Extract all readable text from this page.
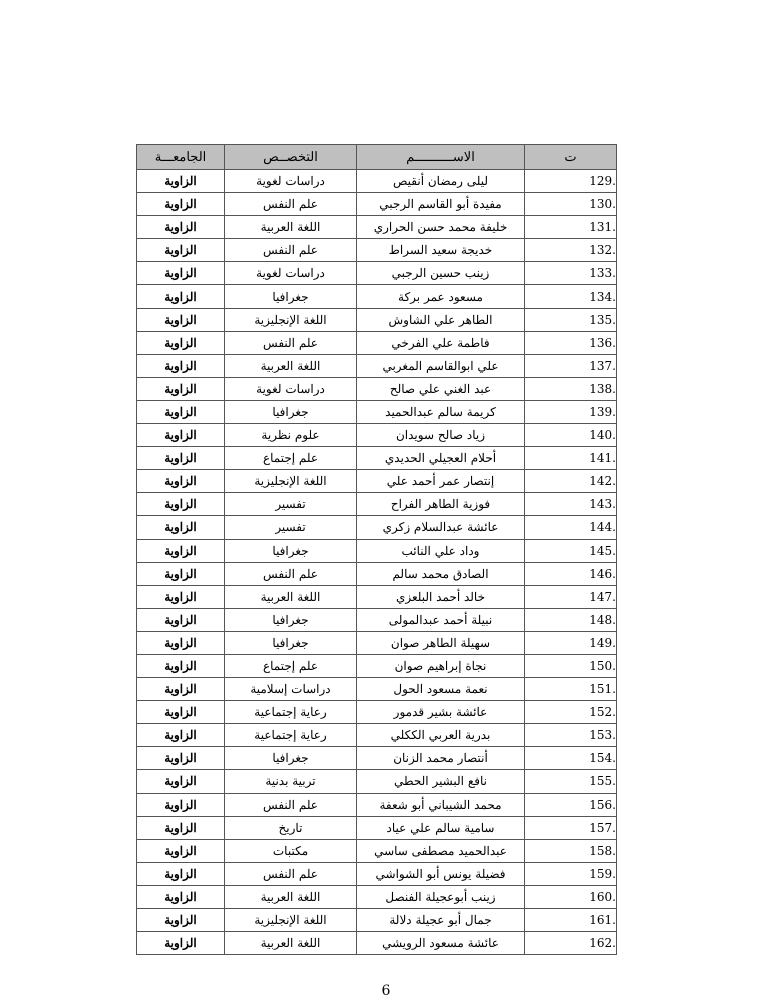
ت	الاســــــــــم	التخصــص	الجامعـــة
129.	ليلى رمضان أنقيص	دراسات لغوية	الزاوية
130.	مفيدة أبو القاسم الرجبي	علم النفس	الزاوية
131.	خليفة محمد حسن الحراري	اللغة العربية	الزاوية
132.	خديجة سعيد السراط	علم النفس	الزاوية
133.	زينب حسين الرجبي	دراسات لغوية	الزاوية
134.	مسعود عمر بركة	جغرافيا	الزاوية
135.	الطاهر علي الشاوش	اللغة الإنجليزية	الزاوية
136.	فاطمة علي الفرخي	علم النفس	الزاوية
137.	علي ابوالقاسم المغربي	اللغة العربية	الزاوية
138.	عبد الغني علي صالح	دراسات لغوية	الزاوية
139.	كريمة سالم عبدالحميد	جغرافيا	الزاوية
140.	زياد صالح سويدان	علوم نظرية	الزاوية
141.	أحلام العجيلي الحديدي	علم إجتماع	الزاوية
142.	إنتصار عمر أحمد علي	اللغة الإنجليزية	الزاوية
143.	فوزية الطاهر الفراح	تفسير	الزاوية
144.	عائشة عبدالسلام زكري	تفسير	الزاوية
145.	وداد علي النائب	جغرافيا	الزاوية
146.	الصادق محمد سالم	علم النفس	الزاوية
147.	خالد أحمد البلعزي	اللغة العربية	الزاوية
148.	نبيلة أحمد عبدالمولى	جغرافيا	الزاوية
149.	سهيلة الطاهر صوان	جغرافيا	الزاوية
150.	نجاة إبراهيم صوان	علم إجتماع	الزاوية
151.	نعمة مسعود الحول	دراسات إسلامية	الزاوية
152.	عائشة بشير قدمور	رعاية إجتماعية	الزاوية
153.	بدرية العربي الككلي	رعاية إجتماعية	الزاوية
154.	أنتصار محمد الزنان	جغرافيا	الزاوية
155.	نافع البشير الحطي	تربية بدنية	الزاوية
156.	محمد الشيباني أبو شعفة	علم النفس	الزاوية
157.	سامية سالم علي عياد	تاريخ	الزاوية
158.	عبدالحميد مصطفى ساسي	مكتبات	الزاوية
159.	فضيلة يونس أبو الشواشي	علم النفس	الزاوية
160.	زينب أبوعجيلة الفنصل	اللغة العربية	الزاوية
161.	جمال أبو عجيلة دلالة	اللغة الإنجليزية	الزاوية
162.	عائشة مسعود الرويشي	اللغة العربية	الزاوية
6
